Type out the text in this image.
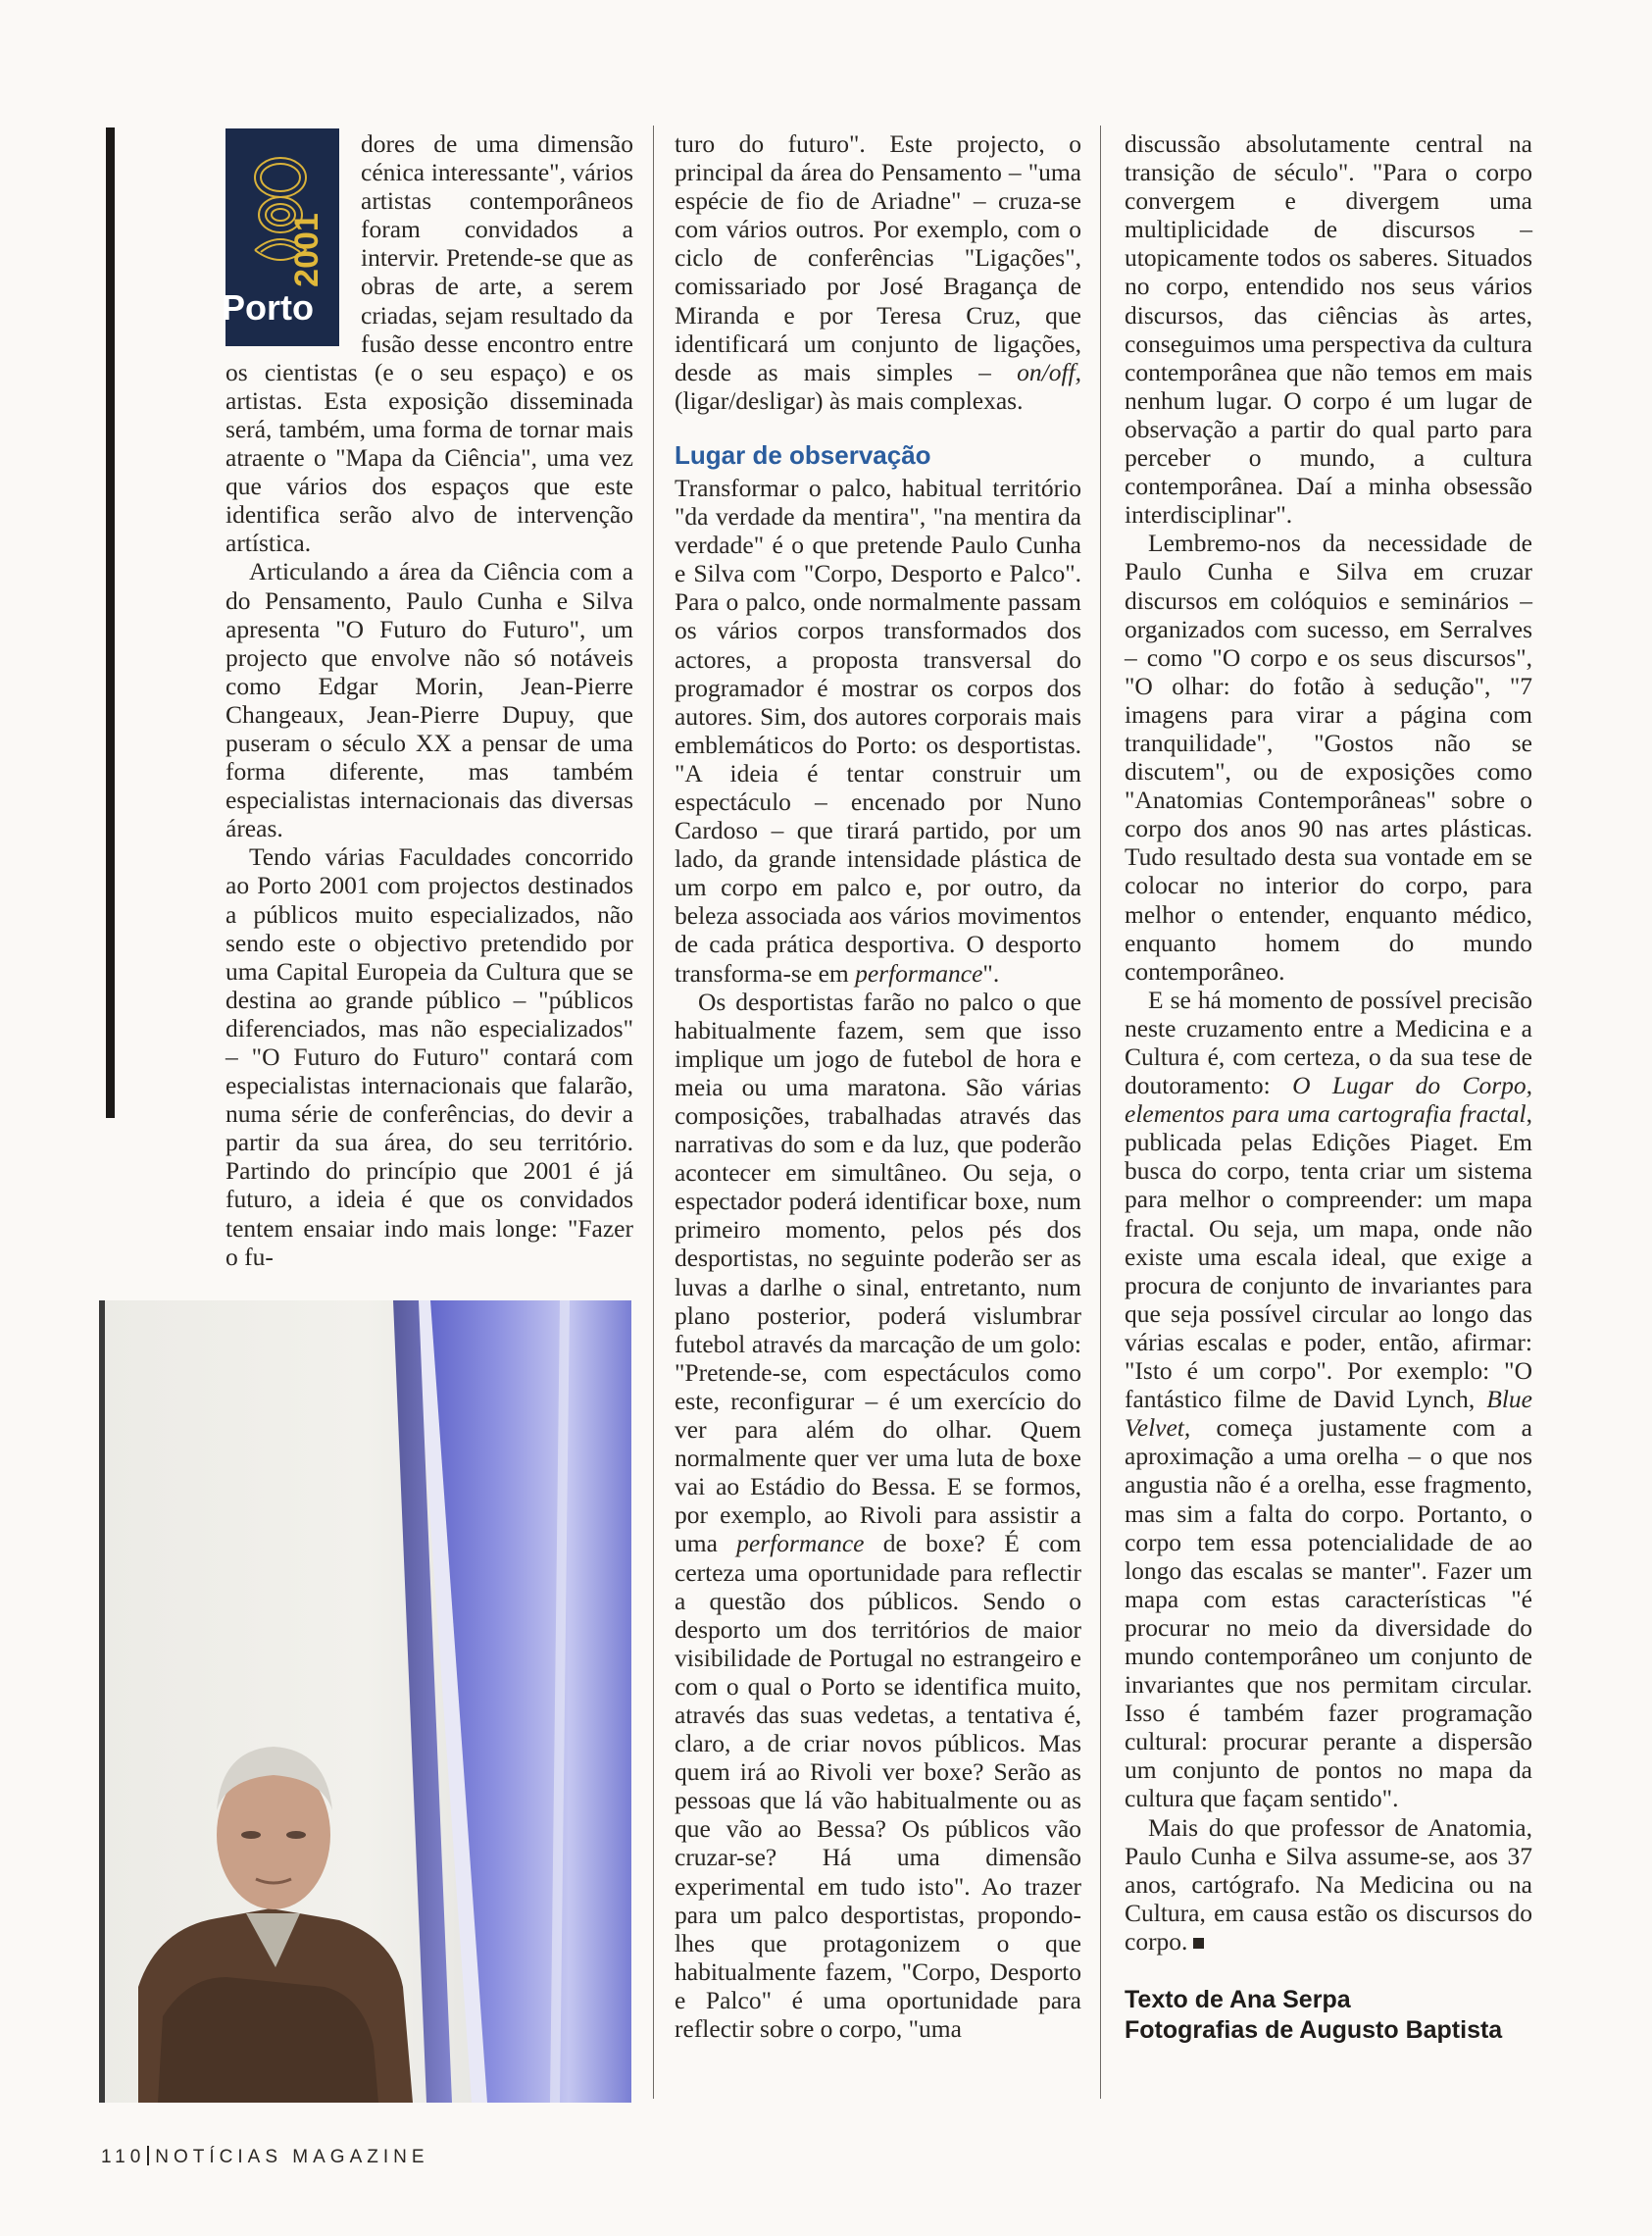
2001
Porto

dores de uma dimensão cénica interessante", vários artistas contemporâneos foram convidados a intervir. Pretende-se que as obras de arte, a serem criadas, sejam resultado da fusão desse encontro entre os cientistas (e o seu espaço) e os artistas. Esta exposição disseminada será, também, uma forma de tornar mais atraente o "Mapa da Ciência", uma vez que vários dos espaços que este identifica serão alvo de intervenção artística.

Articulando a área da Ciência com a do Pensamento, Paulo Cunha e Silva apresenta "O Futuro do Futuro", um projecto que envolve não só notáveis como Edgar Morin, Jean-Pierre Changeaux, Jean-Pierre Dupuy, que puseram o século XX a pensar de uma forma diferente, mas também especialistas internacionais das diversas áreas.

Tendo várias Faculdades concorrido ao Porto 2001 com projectos destinados a públicos muito especializados, não sendo este o objectivo pretendido por uma Capital Europeia da Cultura que se destina ao grande público – "públicos diferenciados, mas não especializados" – "O Futuro do Futuro" contará com especialistas internacionais que falarão, numa série de conferências, do devir a partir da sua área, do seu território. Partindo do princípio que 2001 é já futuro, a ideia é que os convidados tentem ensaiar indo mais longe: "Fazer o fu-

turo do futuro". Este projecto, o principal da área do Pensamento – "uma espécie de fio de Ariadne" – cruza-se com vários outros. Por exemplo, com o ciclo de conferências "Ligações", comissariado por José Bragança de Miranda e por Teresa Cruz, que identificará um conjunto de ligações, desde as mais simples – on/off, (ligar/desligar) às mais complexas.

Lugar de observação

Transformar o palco, habitual território "da verdade da mentira", "na mentira da verdade" é o que pretende Paulo Cunha e Silva com "Corpo, Desporto e Palco". Para o palco, onde normalmente passam os vários corpos transformados dos actores, a proposta transversal do programador é mostrar os corpos dos autores. Sim, dos autores corporais mais emblemáticos do Porto: os desportistas. "A ideia é tentar construir um espectáculo – encenado por Nuno Cardoso – que tirará partido, por um lado, da grande intensidade plástica de um corpo em palco e, por outro, da beleza associada aos vários movimentos de cada prática desportiva. O desporto transforma-se em performance".

Os desportistas farão no palco o que habitualmente fazem, sem que isso implique um jogo de futebol de hora e meia ou uma maratona. São várias composições, trabalhadas através das narrativas do som e da luz, que poderão acontecer em simultâneo. Ou seja, o espectador poderá identificar boxe, num primeiro momento, pelos pés dos desportistas, no seguinte poderão ser as luvas a darlhe o sinal, entretanto, num plano posterior, poderá vislumbrar futebol através da marcação de um golo: "Pretende-se, com espectáculos como este, reconfigurar – é um exercício do ver para além do olhar. Quem normalmente quer ver uma luta de boxe vai ao Estádio do Bessa. E se formos, por exemplo, ao Rivoli para assistir a uma performance de boxe? É com certeza uma oportunidade para reflectir a questão dos públicos. Sendo o desporto um dos territórios de maior visibilidade de Portugal no estrangeiro e com o qual o Porto se identifica muito, através das suas vedetas, a tentativa é, claro, a de criar novos públicos. Mas quem irá ao Rivoli ver boxe? Serão as pessoas que lá vão habitualmente ou as que vão ao Bessa? Os públicos vão cruzar-se? Há uma dimensão experimental em tudo isto". Ao trazer para um palco desportistas, propondo-lhes que protagonizem o que habitualmente fazem, "Corpo, Desporto e Palco" é uma oportunidade para reflectir sobre o corpo, "uma

discussão absolutamente central na transição de século". "Para o corpo convergem e divergem uma multiplicidade de discursos – utopicamente todos os saberes. Situados no corpo, entendido nos seus vários discursos, das ciências às artes, conseguimos uma perspectiva da cultura contemporânea que não temos em mais nenhum lugar. O corpo é um lugar de observação a partir do qual parto para perceber o mundo, a cultura contemporânea. Daí a minha obsessão interdisciplinar".

Lembremo-nos da necessidade de Paulo Cunha e Silva em cruzar discursos em colóquios e seminários – organizados com sucesso, em Serralves – como "O corpo e os seus discursos", "O olhar: do fotão à sedução", "7 imagens para virar a página com tranquilidade", "Gostos não se discutem", ou de exposições como "Anatomias Contemporâneas" sobre o corpo dos anos 90 nas artes plásticas. Tudo resultado desta sua vontade em se colocar no interior do corpo, para melhor o entender, enquanto médico, enquanto homem do mundo contemporâneo.

E se há momento de possível precisão neste cruzamento entre a Medicina e a Cultura é, com certeza, o da sua tese de doutoramento: O Lugar do Corpo, elementos para uma cartografia fractal, publicada pelas Edições Piaget. Em busca do corpo, tenta criar um sistema para melhor o compreender: um mapa fractal. Ou seja, um mapa, onde não existe uma escala ideal, que exige a procura de conjunto de invariantes para que seja possível circular ao longo das várias escalas e poder, então, afirmar: "Isto é um corpo". Por exemplo: "O fantástico filme de David Lynch, Blue Velvet, começa justamente com a aproximação a uma orelha – o que nos angustia não é a orelha, esse fragmento, mas sim a falta do corpo. Portanto, o corpo tem essa potencialidade de ao longo das escalas se manter". Fazer um mapa com estas características "é procurar no meio da diversidade do mundo contemporâneo um conjunto de invariantes que nos permitam circular. Isso é também fazer programação cultural: procurar perante a dispersão um conjunto de pontos no mapa da cultura que façam sentido".

Mais do que professor de Anatomia, Paulo Cunha e Silva assume-se, aos 37 anos, cartógrafo. Na Medicina ou na Cultura, em causa estão os discursos do corpo.

Texto de Ana Serpa
Fotografias de Augusto Baptista

110 NOTÍCIAS MAGAZINE
